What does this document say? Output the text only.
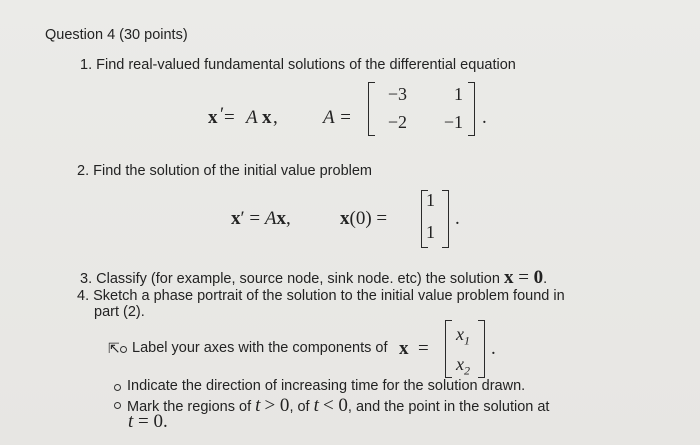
Question 4 (30 points)
1. Find real-valued fundamental solutions of the differential equation
x ′ = A x , A =
−3	1
−2	−1 .
2. Find the solution of the initial value problem
x′ = Ax,	x(0) =
1
1
.
3. Classify (for example, source node, sink node. etc) the solution x = 0.
4. Sketch a phase portrait of the solution to the initial value problem found in
part (2).
⇱ Label your axes with the components of x =
$x_1$
$x_2$
.
Indicate the direction of increasing time for the solution drawn.
Mark the regions of t > 0, of t < 0, and the point in the solution at
t = 0.
